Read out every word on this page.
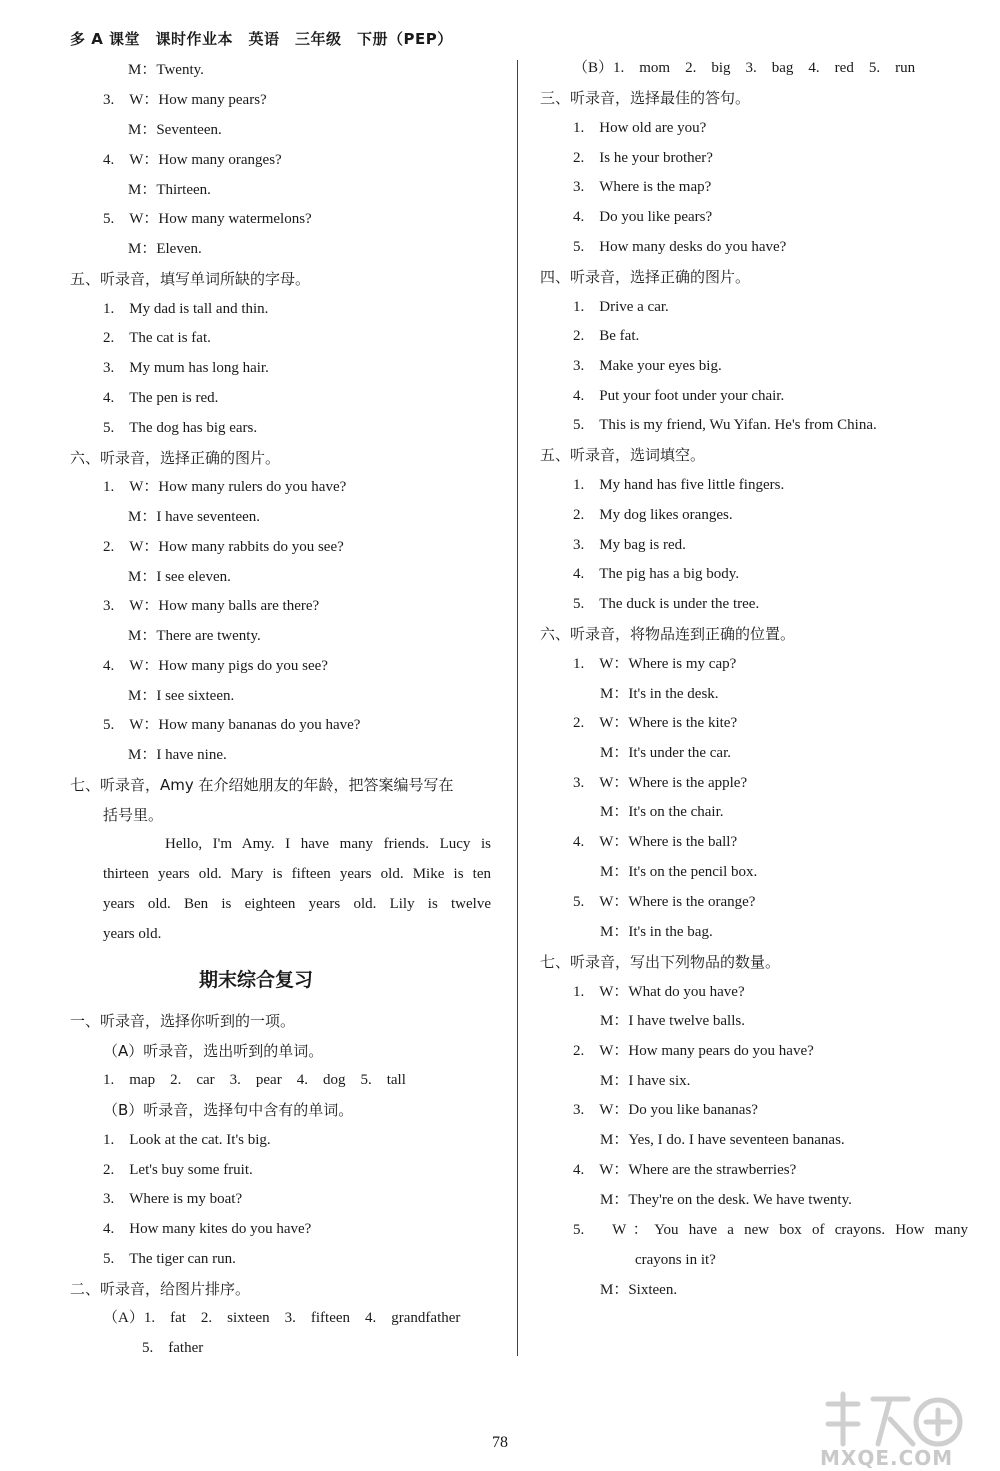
多 A 课堂　课时作业本　英语　三年级　下册（PEP）
M：Twenty.
3.　W：How many pears?
M：Seventeen.
4.　W：How many oranges?
M：Thirteen.
5.　W：How many watermelons?
M：Eleven.
五、听录音，填写单词所缺的字母。
1.　My dad is tall and thin.
2.　The cat is fat.
3.　My mum has long hair.
4.　The pen is red.
5.　The dog has big ears.
六、听录音，选择正确的图片。
1.　W：How many rulers do you have?
M：I have seventeen.
2.　W：How many rabbits do you see?
M：I see eleven.
3.　W：How many balls are there?
M：There are twenty.
4.　W：How many pigs do you see?
M：I see sixteen.
5.　W：How many bananas do you have?
M：I have nine.
七、听录音，Amy 在介绍她朋友的年龄，把答案编号写在
括号里。
Hello, I'm Amy. I have many friends. Lucy is
thirteen years old. Mary is fifteen years old. Mike is ten
years old. Ben is eighteen years old. Lily is twelve
years old.
期末综合复习
一、听录音，选择你听到的一项。
（A）听录音，选出听到的单词。
1.　map　2.　car　3.　pear　4.　dog　5.　tall
（B）听录音，选择句中含有的单词。
1.　Look at the cat. It's big.
2.　Let's buy some fruit.
3.　Where is my boat?
4.　How many kites do you have?
5.　The tiger can run.
二、听录音，给图片排序。
（A）1.　fat　2.　sixteen　3.　fifteen　4.　grandfather
5.　father
（B）1.　mom　2.　big　3.　bag　4.　red　5.　run
三、听录音，选择最佳的答句。
1.　How old are you?
2.　Is he your brother?
3.　Where is the map?
4.　Do you like pears?
5.　How many desks do you have?
四、听录音，选择正确的图片。
1.　Drive a car.
2.　Be fat.
3.　Make your eyes big.
4.　Put your foot under your chair.
5.　This is my friend, Wu Yifan. He's from China.
五、听录音，选词填空。
1.　My hand has five little fingers.
2.　My dog likes oranges.
3.　My bag is red.
4.　The pig has a big body.
5.　The duck is under the tree.
六、听录音，将物品连到正确的位置。
1.　W：Where is my cap?
M：It's in the desk.
2.　W：Where is the kite?
M：It's under the car.
3.　W：Where is the apple?
M：It's on the chair.
4.　W：Where is the ball?
M：It's on the pencil box.
5.　W：Where is the orange?
M：It's in the bag.
七、听录音，写出下列物品的数量。
1.　W：What do you have?
M：I have twelve balls.
2.　W：How many pears do you have?
M：I have six.
3.　W：Do you like bananas?
M：Yes, I do. I have seventeen bananas.
4.　W：Where are the strawberries?
M：They're on the desk. We have twenty.
5.　W：You have a new box of crayons. How many
crayons in it?
M：Sixteen.
78
MXQE.COM
